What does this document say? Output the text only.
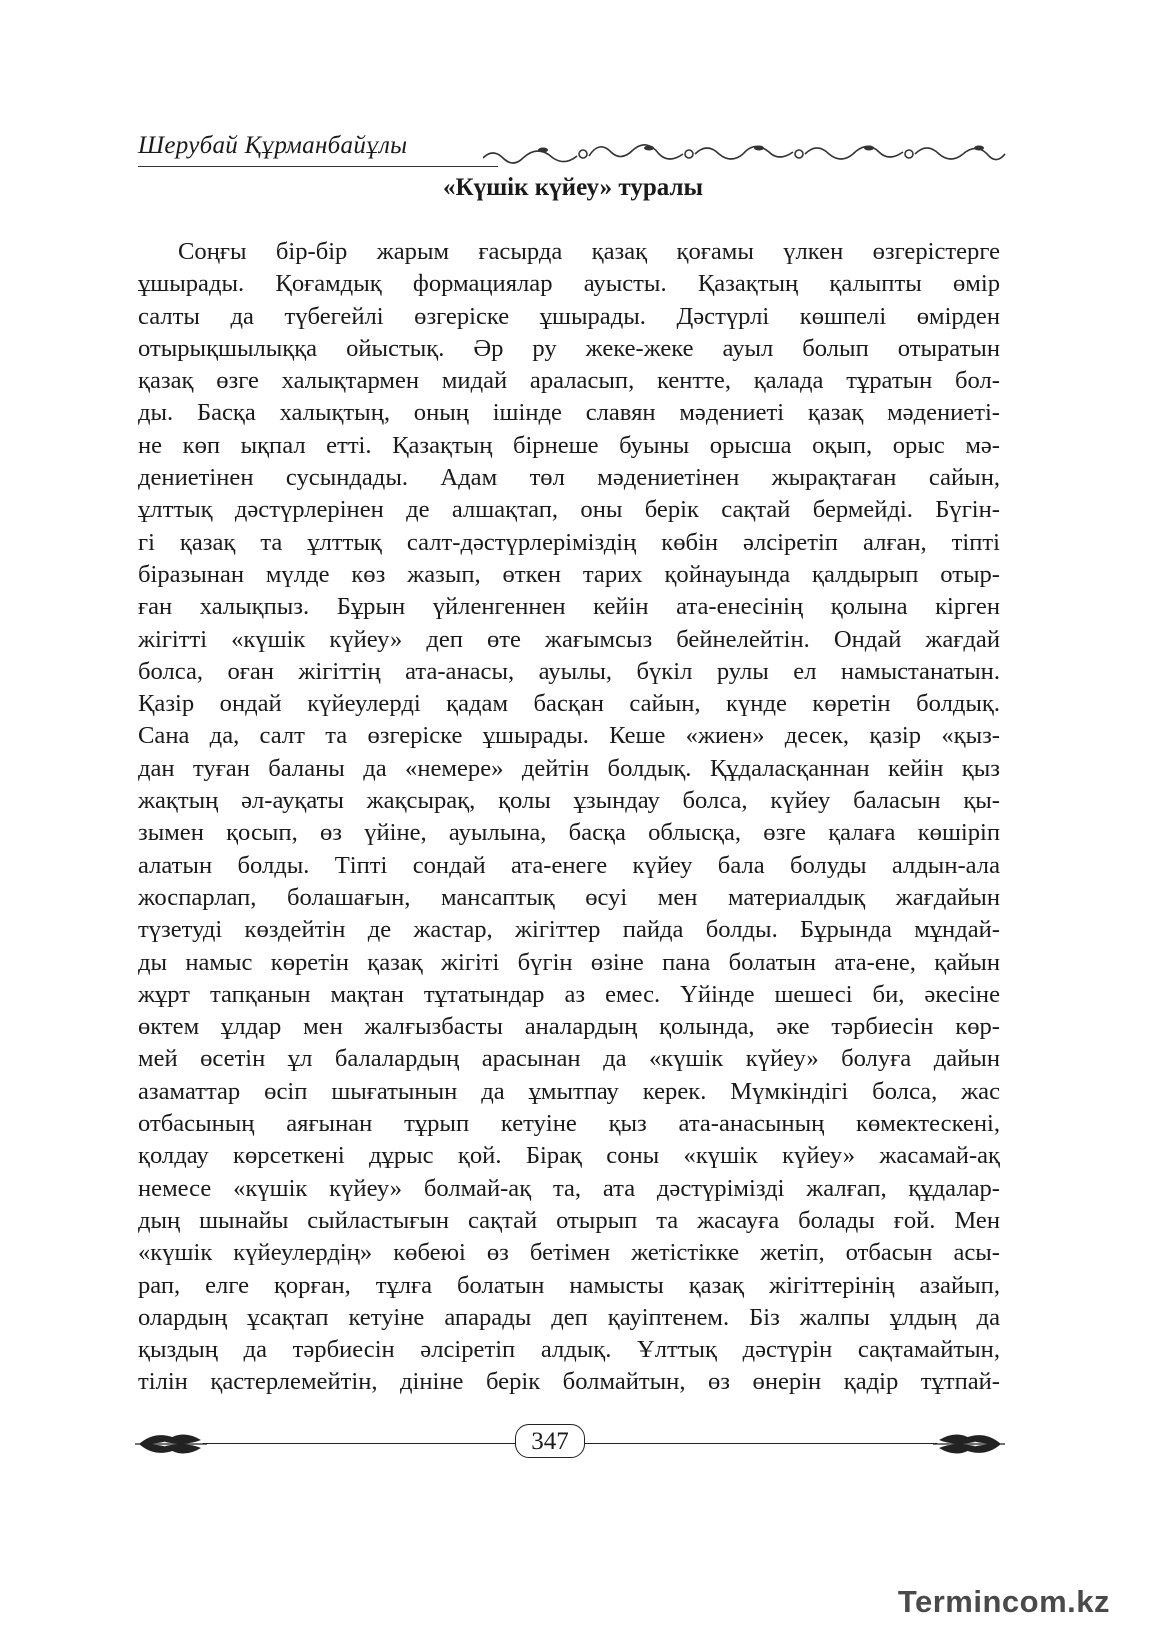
Шерубай Құрманбайұлы
«Күшік күйеу» туралы
Соңғы бір-бір жарым ғасырда қазақ қоғамы үлкен өзгерістерге
ұшырады. Қоғамдық формациялар ауысты. Қазақтың қалыпты өмір
салты да түбегейлі өзгеріске ұшырады. Дәстүрлі көшпелі өмірден
отырықшылыққа ойыстық. Әр ру жеке-жеке ауыл болып отыратын
қазақ өзге халықтармен мидай араласып, кентте, қалада тұратын бол-
ды. Басқа халықтың, оның ішінде славян мәдениеті қазақ мәдениеті-
не көп ықпал етті. Қазақтың бірнеше буыны орысша оқып, орыс мә-
дениетінен сусындады. Адам төл мәдениетінен жырақтаған сайын,
ұлттық дәстүрлерінен де алшақтап, оны берік сақтай бермейді. Бүгін-
гі қазақ та ұлттық салт-дәстүрлеріміздің көбін әлсіретіп алған, тіпті
біразынан мүлде көз жазып, өткен тарих қойнауында қалдырып отыр-
ған халықпыз. Бұрын үйленгеннен кейін ата-енесінің қолына кірген
жігітті «күшік күйеу» деп өте жағымсыз бейнелейтін. Ондай жағдай
болса, оған жігіттің ата-анасы, ауылы, бүкіл рулы ел намыстанатын.
Қазір ондай күйеулерді қадам басқан сайын, күнде көретін болдық.
Сана да, салт та өзгеріске ұшырады. Кеше «жиен» десек, қазір «қыз-
дан туған баланы да «немере» дейтін болдық. Құдаласқаннан кейін қыз
жақтың әл-ауқаты жақсырақ, қолы ұзындау болса, күйеу баласын қы-
зымен қосып, өз үйіне, ауылына, басқа облысқа, өзге қалаға көшіріп
алатын болды. Тіпті сондай ата-енеге күйеу бала болуды алдын-ала
жоспарлап, болашағын, мансаптық өсуі мен материалдық жағдайын
түзетуді көздейтін де жастар, жігіттер пайда болды. Бұрында мұндай-
ды намыс көретін қазақ жігіті бүгін өзіне пана болатын ата-ене, қайын
жұрт тапқанын мақтан тұтатындар аз емес. Үйінде шешесі би, әкесіне
өктем ұлдар мен жалғызбасты аналардың қолында, әке тәрбиесін көр-
мей өсетін ұл балалардың арасынан да «күшік күйеу» болуға дайын
азаматтар өсіп шығатынын да ұмытпау керек. Мүмкіндігі болса, жас
отбасының аяғынан тұрып кетуіне қыз ата-анасының көмектескені,
қолдау көрсеткені дұрыс қой. Бірақ соны «күшік күйеу» жасамай-ақ
немесе «күшік күйеу» болмай-ақ та, ата дәстүрімізді жалғап, құдалар-
дың шынайы сыйластығын сақтай отырып та жасауға болады ғой. Мен
«күшік күйеулердің» көбеюі өз бетімен жетістікке жетіп, отбасын асы-
рап, елге қорған, тұлға болатын намысты қазақ жігіттерінің азайып,
олардың ұсақтап кетуіне апарады деп қауіптенем. Біз жалпы ұлдың да
қыздың да тәрбиесін әлсіретіп алдық. Ұлттық дәстүрін сақтамайтын,
тілін қастерлемейтін, дініне берік болмайтын, өз өнерін қадір тұтпай-
347
Termincom.kz
